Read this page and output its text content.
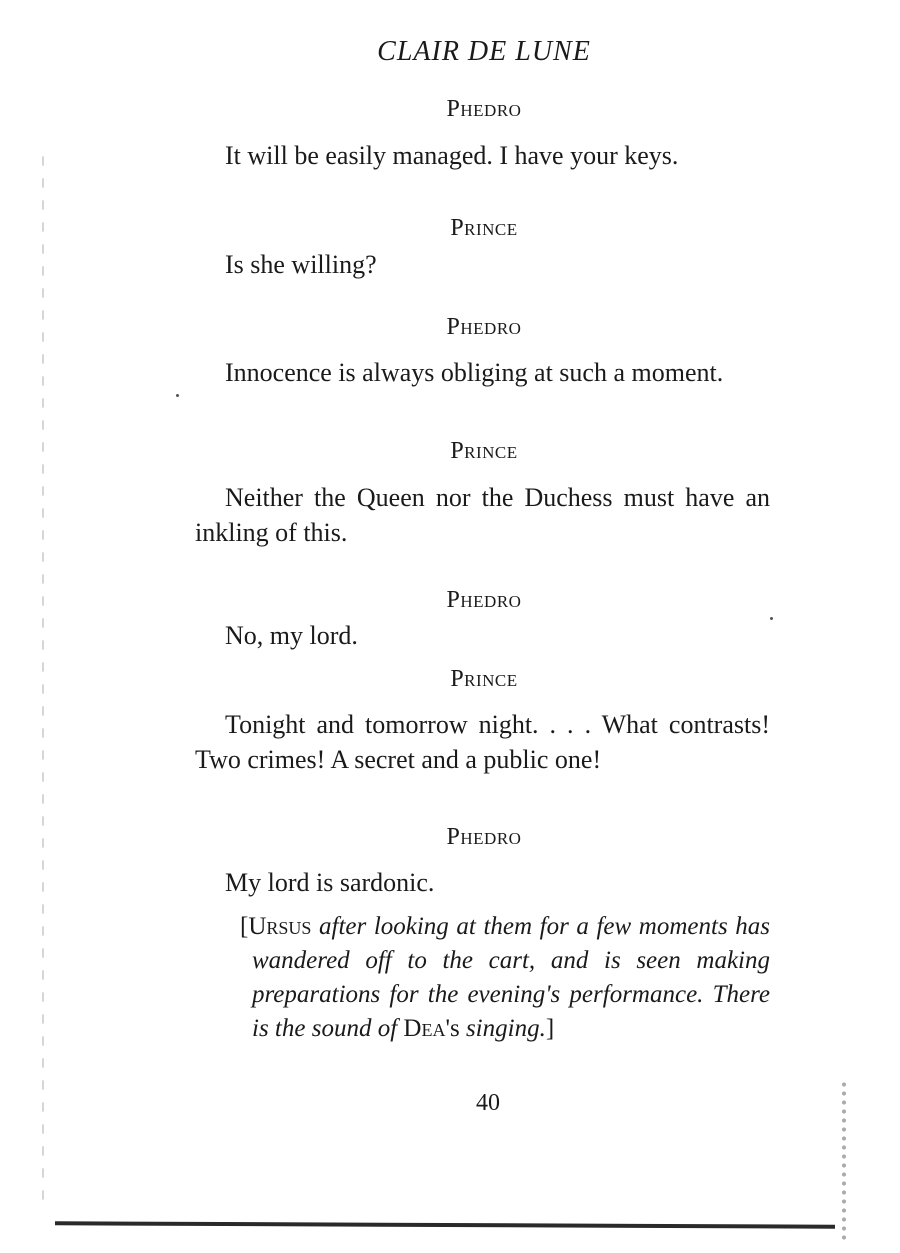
CLAIR DE LUNE
Phedro
It will be easily managed. I have your keys.
Prince
Is she willing?
Phedro
Innocence is always obliging at such a moment.
Prince
Neither the Queen nor the Duchess must have an inkling of this.
Phedro
No, my lord.
Prince
Tonight and tomorrow night. . . . What contrasts! Two crimes! A secret and a public one!
Phedro
My lord is sardonic.
[Ursus after looking at them for a few moments has wandered off to the cart, and is seen making preparations for the evening's performance. There is the sound of Dea's singing.]
40
